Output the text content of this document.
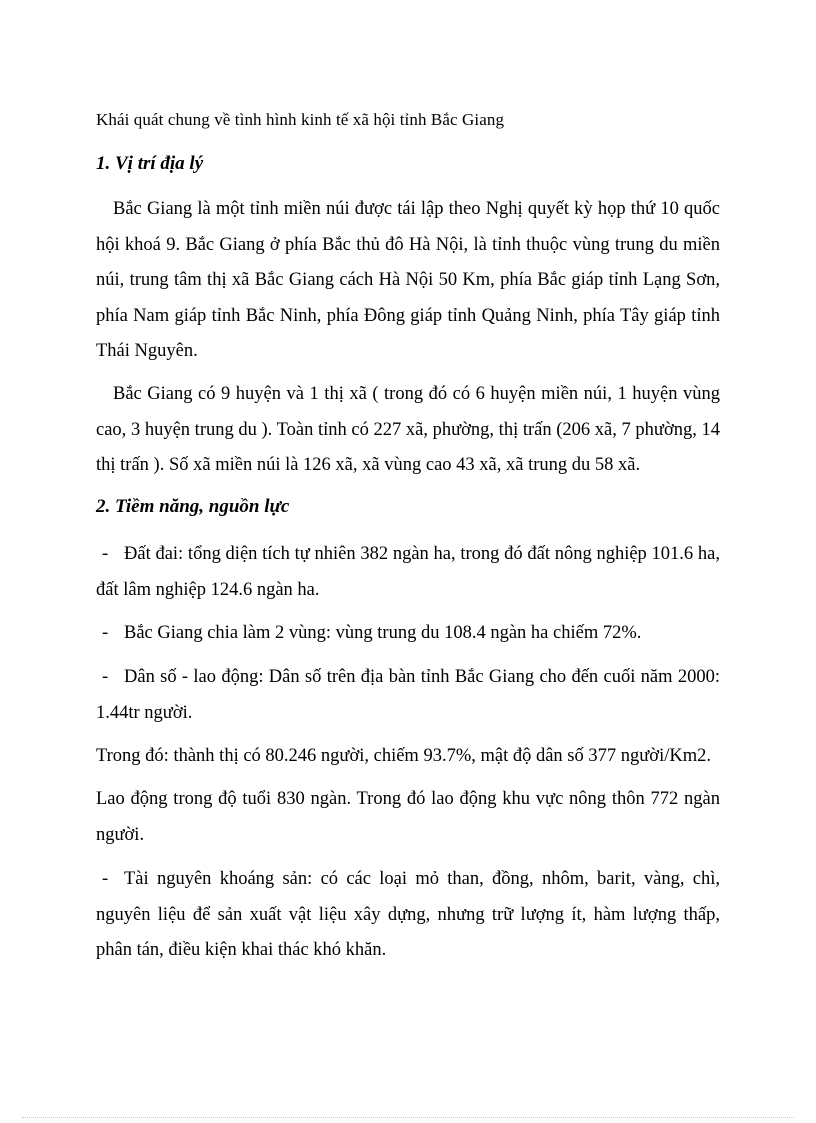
Khái quát chung về tình hình kinh tế xã hội tỉnh Bắc Giang
1. Vị trí địa lý
Bắc Giang là một tỉnh miền núi được tái lập theo Nghị quyết kỳ họp thứ 10 quốc hội khoá 9. Bắc Giang ở phía Bắc thủ đô Hà Nội, là tỉnh thuộc vùng trung du miền núi, trung tâm thị xã Bắc Giang cách Hà Nội 50 Km, phía Bắc giáp tỉnh Lạng Sơn, phía Nam giáp tỉnh Bắc Ninh, phía Đông giáp tỉnh Quảng Ninh, phía Tây giáp tỉnh Thái Nguyên.
Bắc Giang có 9 huyện và 1 thị xã ( trong đó có 6 huyện miền núi, 1 huyện vùng cao, 3 huyện trung du ). Toàn tỉnh có 227 xã, phường, thị trấn (206 xã, 7 phường, 14 thị trấn ). Số xã miền núi là 126 xã, xã vùng cao 43 xã, xã trung du 58 xã.
2. Tiềm năng, nguồn lực
- Đất đai: tổng diện tích tự nhiên 382 ngàn ha, trong đó đất nông nghiệp 101.6 ha, đất lâm nghiệp 124.6 ngàn ha.
- Bắc Giang chia làm 2 vùng: vùng trung du 108.4 ngàn ha chiếm 72%.
- Dân số - lao động: Dân số trên địa bàn tỉnh Bắc Giang cho đến cuối năm 2000: 1.44tr người.
Trong đó: thành thị có 80.246 người, chiếm 93.7%, mật độ dân số 377 người/Km2.
Lao động trong độ tuổi 830 ngàn. Trong đó lao động khu vực nông thôn 772 ngàn người.
- Tài nguyên khoáng sản: có các loại mỏ than, đồng, nhôm, barit, vàng, chì, nguyên liệu để sản xuất vật liệu xây dựng, nhưng trữ lượng ít, hàm lượng thấp, phân tán, điều kiện khai thác khó khăn.
